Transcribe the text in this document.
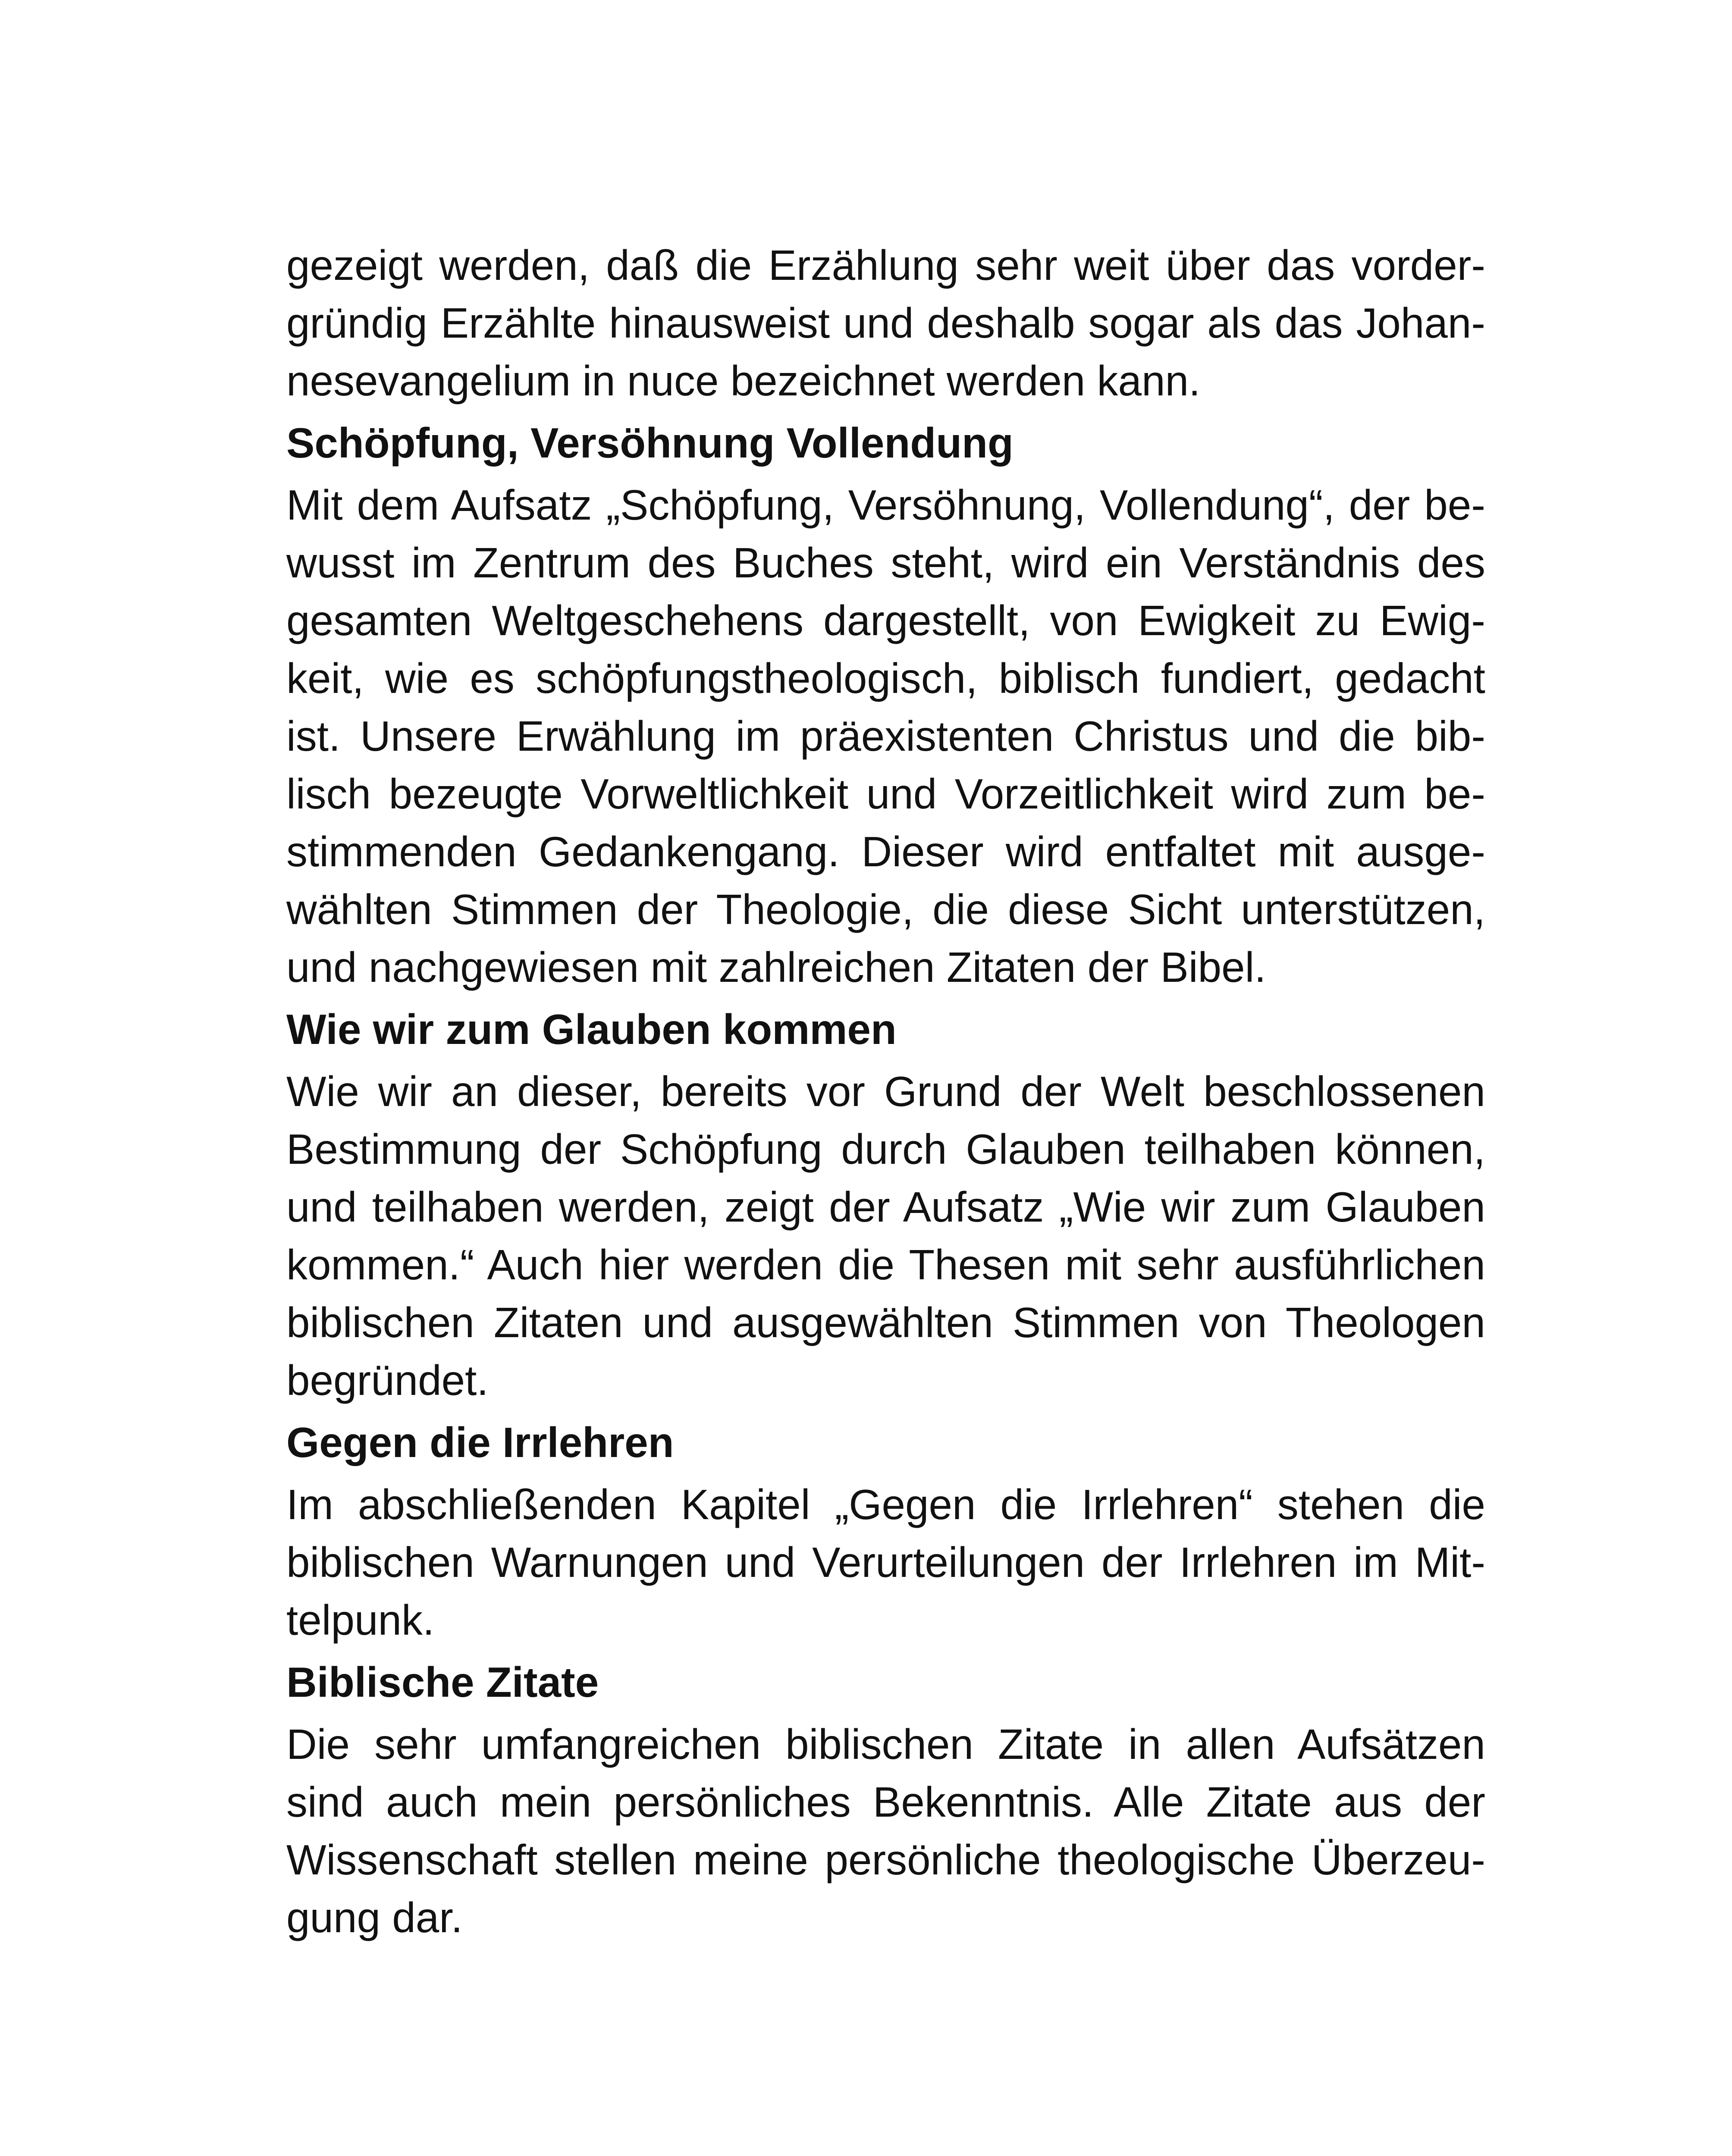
gezeigt werden, daß die Erzählung sehr weit über das vorder-
gründig Erzählte hinausweist und deshalb sogar als das Johan-
nesevangelium in nuce bezeichnet werden kann.
Schöpfung, Versöhnung Vollendung
Mit dem Aufsatz „Schöpfung, Versöhnung, Vollendung“, der be-
wusst im Zentrum des Buches steht, wird ein Verständnis des
gesamten Weltgeschehens dargestellt, von Ewigkeit zu Ewig-
keit, wie es schöpfungstheologisch, biblisch fundiert, gedacht
ist. Unsere Erwählung im präexistenten Christus und die bib-
lisch bezeugte Vorweltlichkeit und Vorzeitlichkeit wird zum be-
stimmenden Gedankengang. Dieser wird entfaltet mit ausge-
wählten Stimmen der Theologie, die diese Sicht unterstützen,
und nachgewiesen mit zahlreichen Zitaten der Bibel.
Wie wir zum Glauben kommen
Wie wir an dieser, bereits vor Grund der Welt beschlossenen
Bestimmung der Schöpfung durch Glauben teilhaben können,
und teilhaben werden, zeigt der Aufsatz „Wie wir zum Glauben
kommen.“ Auch hier werden die Thesen mit sehr ausführlichen
biblischen Zitaten und ausgewählten Stimmen von Theologen
begründet.
Gegen die Irrlehren
Im abschließenden Kapitel „Gegen die Irrlehren“ stehen die
biblischen Warnungen und Verurteilungen der Irrlehren im Mit-
telpunk.
Biblische Zitate
Die sehr umfangreichen biblischen Zitate in allen Aufsätzen
sind auch mein persönliches Bekenntnis. Alle Zitate aus der
Wissenschaft stellen meine persönliche theologische Überzeu-
gung dar.
